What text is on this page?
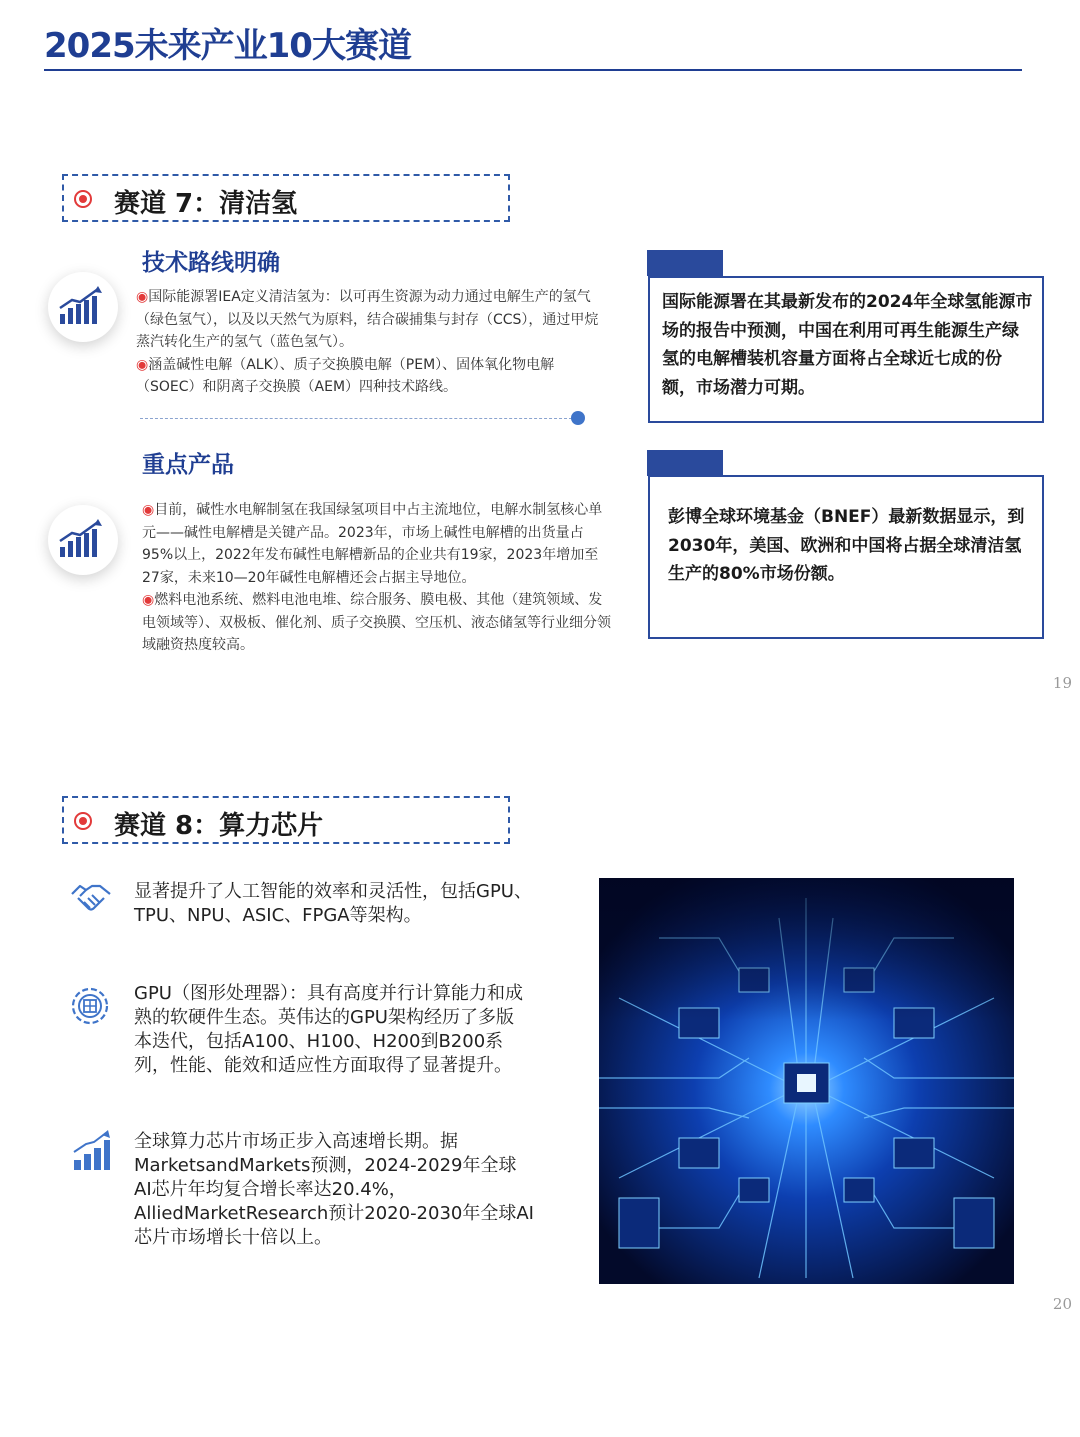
2025未来产业10大赛道
赛道 7：清洁氢
技术路线明确
◉国际能源署IEA定义清洁氢为：以可再生资源为动力通过电解生产的氢气（绿色氢气），以及以天然气为原料，结合碳捕集与封存（CCS），通过甲烷蒸汽转化生产的氢气（蓝色氢气）。
◉涵盖碱性电解（ALK）、质子交换膜电解（PEM）、固体氧化物电解（SOEC）和阴离子交换膜（AEM）四种技术路线。
重点产品
◉目前，碱性水电解制氢在我国绿氢项目中占主流地位，电解水制氢核心单元——碱性电解槽是关键产品。2023年，市场上碱性电解槽的出货量占95%以上，2022年发布碱性电解槽新品的企业共有19家，2023年增加至27家，未来10—20年碱性电解槽还会占据主导地位。
◉燃料电池系统、燃料电池电堆、综合服务、膜电极、其他（建筑领域、发电领域等）、双极板、催化剂、质子交换膜、空压机、液态储氢等行业细分领域融资热度较高。
国际能源署在其最新发布的2024年全球氢能源市场的报告中预测，中国在利用可再生能源生产绿氢的电解槽装机容量方面将占全球近七成的份额，市场潜力可期。
彭博全球环境基金（BNEF）最新数据显示，到2030年，美国、欧洲和中国将占据全球清洁氢生产的80%市场份额。
19
赛道 8：算力芯片
显著提升了人工智能的效率和灵活性，包括GPU、TPU、NPU、ASIC、FPGA等架构。
GPU（图形处理器）：具有高度并行计算能力和成熟的软硬件生态。英伟达的GPU架构经历了多版本迭代，包括A100、H100、H200到B200系列，性能、能效和适应性方面取得了显著提升。
全球算力芯片市场正步入高速增长期。据MarketsandMarkets预测，2024-2029年全球AI芯片年均复合增长率达20.4%，AlliedMarketResearch预计2020-2030年全球AI芯片市场增长十倍以上。
20
